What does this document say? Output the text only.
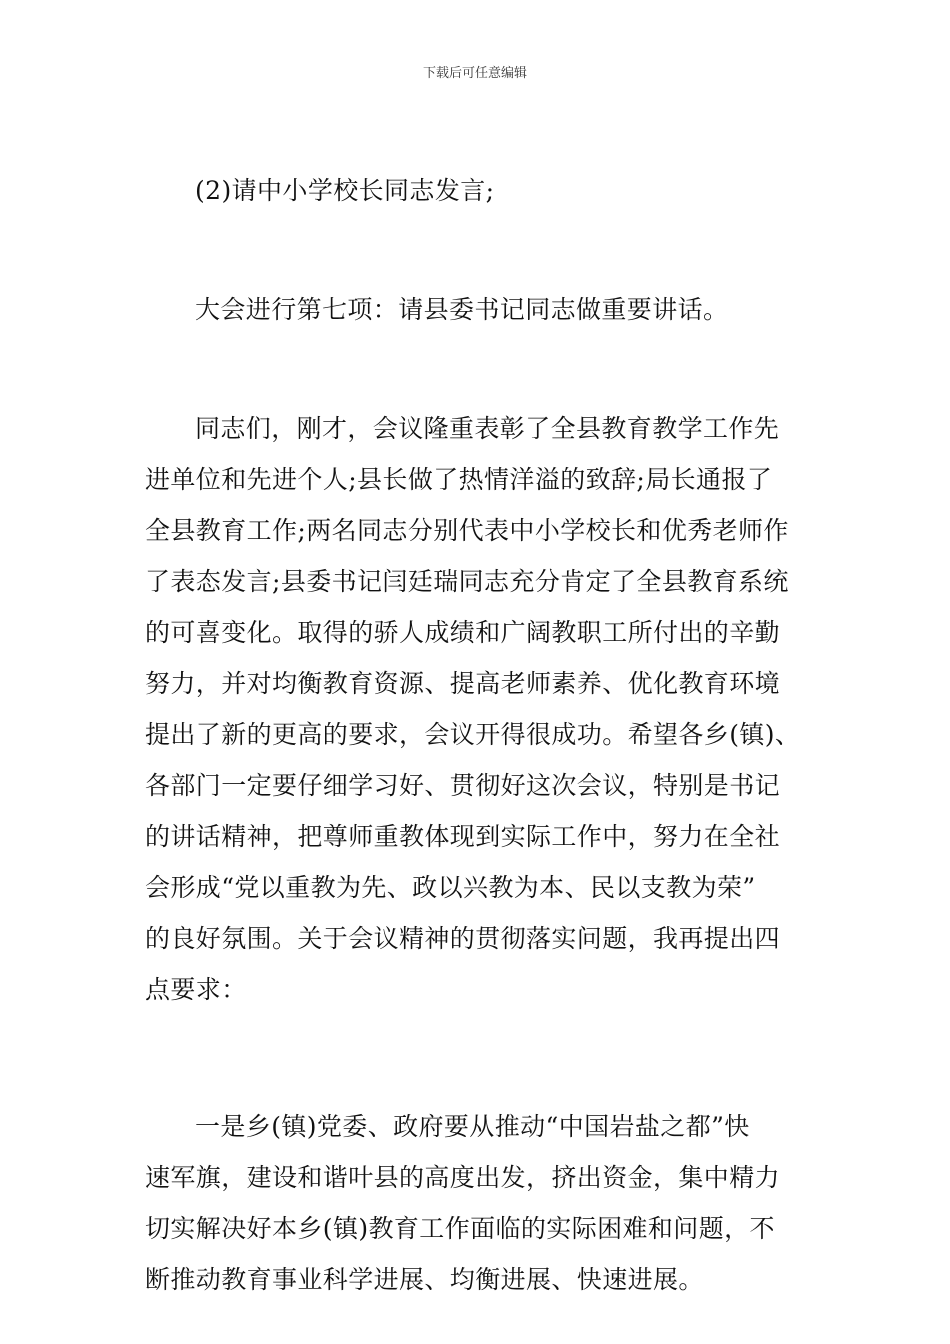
下载后可任意编辑

(2)请中小学校长同志发言;

大会进行第七项：请县委书记同志做重要讲话。

同志们，刚才，会议隆重表彰了全县教育教学工作先
进单位和先进个人;县长做了热情洋溢的致辞;局长通报了
全县教育工作;两名同志分别代表中小学校长和优秀老师作
了表态发言;县委书记闫廷瑞同志充分肯定了全县教育系统
的可喜变化。取得的骄人成绩和广阔教职工所付出的辛勤
努力，并对均衡教育资源、提高老师素养、优化教育环境
提出了新的更高的要求，会议开得很成功。希望各乡(镇)、
各部门一定要仔细学习好、贯彻好这次会议，特别是书记
的讲话精神，把尊师重教体现到实际工作中，努力在全社
会形成“党以重教为先、政以兴教为本、民以支教为荣”
的良好氛围。关于会议精神的贯彻落实问题，我再提出四
点要求：

一是乡(镇)党委、政府要从推动“中国岩盐之都”快
速军旗，建设和谐叶县的高度出发，挤出资金，集中精力
切实解决好本乡(镇)教育工作面临的实际困难和问题，不
断推动教育事业科学进展、均衡进展、快速进展。
